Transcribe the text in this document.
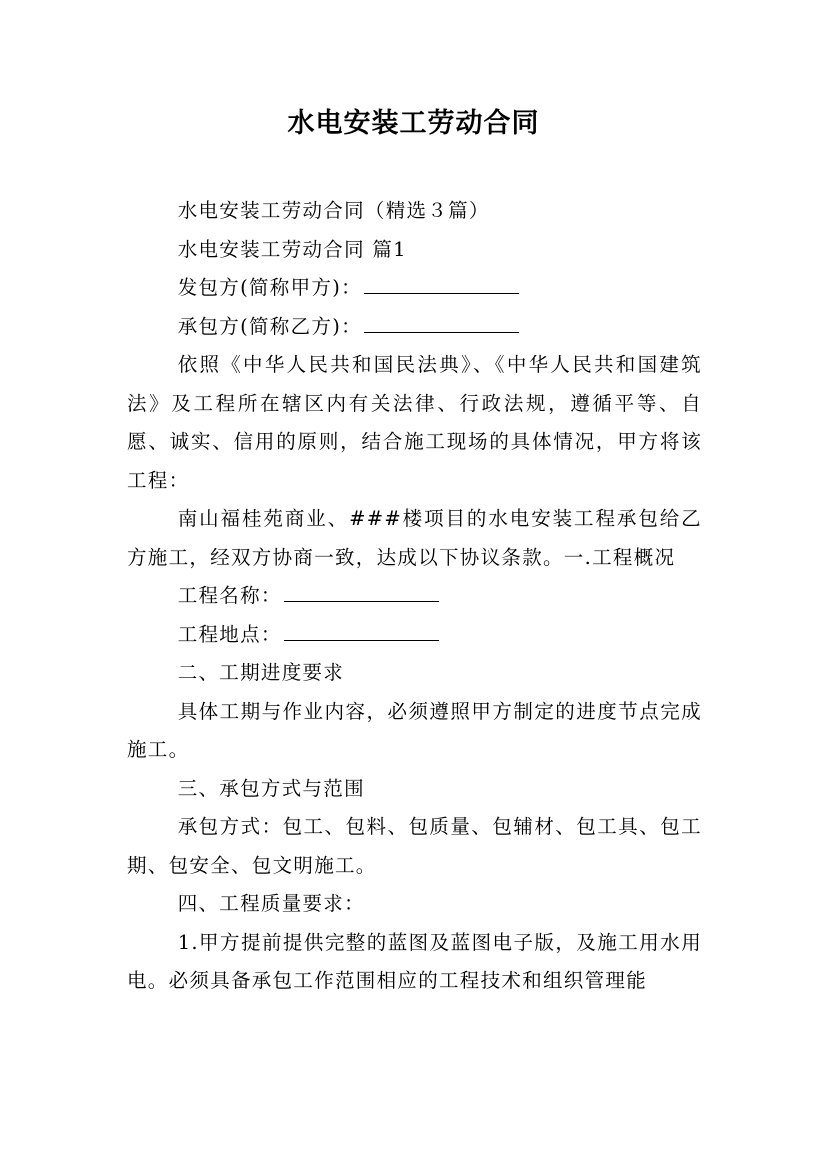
水电安装工劳动合同

水电安装工劳动合同（精选３篇）

水电安装工劳动合同 篇1

发包方(简称甲方)：

承包方(简称乙方)：

依照《中华人民共和国民法典》、《中华人民共和国建筑法》及工程所在辖区内有关法律、行政法规，遵循平等、自愿、诚实、信用的原则，结合施工现场的具体情况，甲方将该工程：

南山福桂苑商业、###楼项目的水电安装工程承包给乙方施工，经双方协商一致，达成以下协议条款。一.工程概况

工程名称：

工程地点：

二、工期进度要求

具体工期与作业内容，必须遵照甲方制定的进度节点完成施工。

三、承包方式与范围

承包方式：包工、包料、包质量、包辅材、包工具、包工期、包安全、包文明施工。

四、工程质量要求：

1.甲方提前提供完整的蓝图及蓝图电子版，及施工用水用电。必须具备承包工作范围相应的工程技术和组织管理能
